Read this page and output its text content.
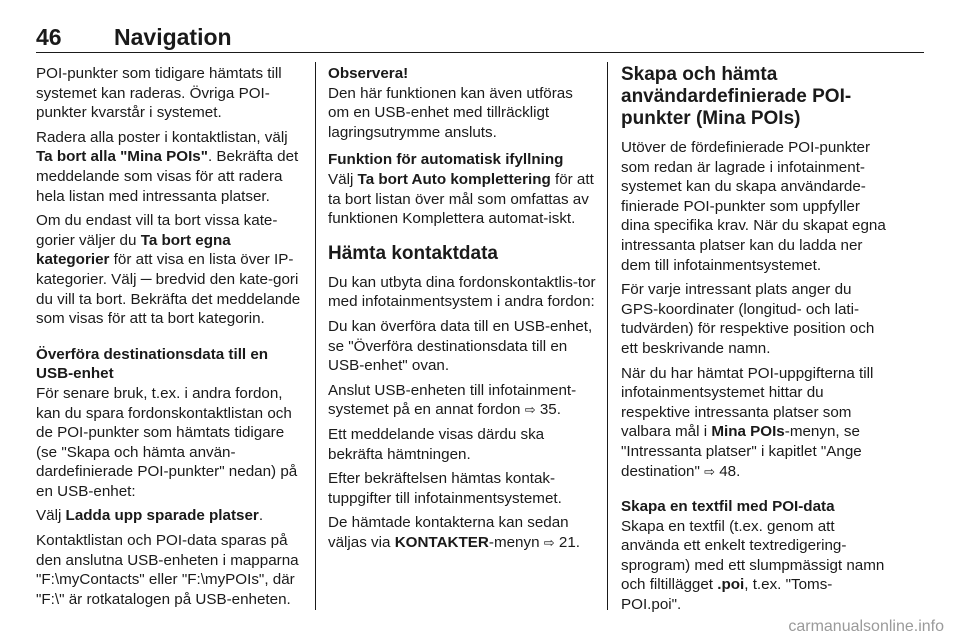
46 Navigation

POI-punkter som tidigare hämtats till systemet kan raderas. Övriga POI-punkter kvarstår i systemet.

Radera alla poster i kontaktlistan, välj Ta bort alla "Mina POIs". Bekräfta det meddelande som visas för att radera hela listan med intressanta platser.

Om du endast vill ta bort vissa kate-gorier väljer du Ta bort egna kategorier för att visa en lista över IP-kategorier. Välj ─ bredvid den kate-gori du vill ta bort. Bekräfta det meddelande som visas för att ta bort kategorin.

Överföra destinationsdata till en USB-enhet

För senare bruk, t.ex. i andra fordon, kan du spara fordonskontaktlistan och de POI-punkter som hämtats tidigare (se "Skapa och hämta använ-dardefinierade POI-punkter" nedan) på en USB-enhet:

Välj Ladda upp sparade platser.

Kontaktlistan och POI-data sparas på den anslutna USB-enheten i mapparna "F:\myContacts" eller "F:\myPOIs", där "F:\" är rotkatalogen på USB-enheten.

Observera!

Den här funktionen kan även utföras om en USB-enhet med tillräckligt lagringsutrymme ansluts.

Funktion för automatisk ifyllning

Välj Ta bort Auto komplettering för att ta bort listan över mål som omfattas av funktionen Komplettera automat-iskt.

Hämta kontaktdata

Du kan utbyta dina fordonskontaktlis-tor med infotainmentsystem i andra fordon:

Du kan överföra data till en USB-enhet, se "Överföra destinationsdata till en USB-enhet" ovan.

Anslut USB-enheten till infotainment-systemet på en annat fordon ⇨ 35.

Ett meddelande visas därdu ska bekräfta hämtningen.

Efter bekräftelsen hämtas kontak-tuppgifter till infotainmentsystemet.

De hämtade kontakterna kan sedan väljas via KONTAKTER-menyn ⇨ 21.

Skapa och hämta användardefinierade POI-punkter (Mina POIs)

Utöver de fördefinierade POI-punkter som redan är lagrade i infotainment-systemet kan du skapa användarde-finierade POI-punkter som uppfyller dina specifika krav. När du skapat egna intressanta platser kan du ladda ner dem till infotainmentsystemet.

För varje intressant plats anger du GPS-koordinater (longitud- och lati-tudvärden) för respektive position och ett beskrivande namn.

När du har hämtat POI-uppgifterna till infotainmentsystemet hittar du respektive intressanta platser som valbara mål i Mina POIs-menyn, se "Intressanta platser" i kapitlet "Ange destination" ⇨ 48.

Skapa en textfil med POI-data

Skapa en textfil (t.ex. genom att använda ett enkelt textredigering-sprogram) med ett slumpmässigt namn och filtillägget .poi, t.ex. "Toms-POI.poi".

carmanualsonline.info
